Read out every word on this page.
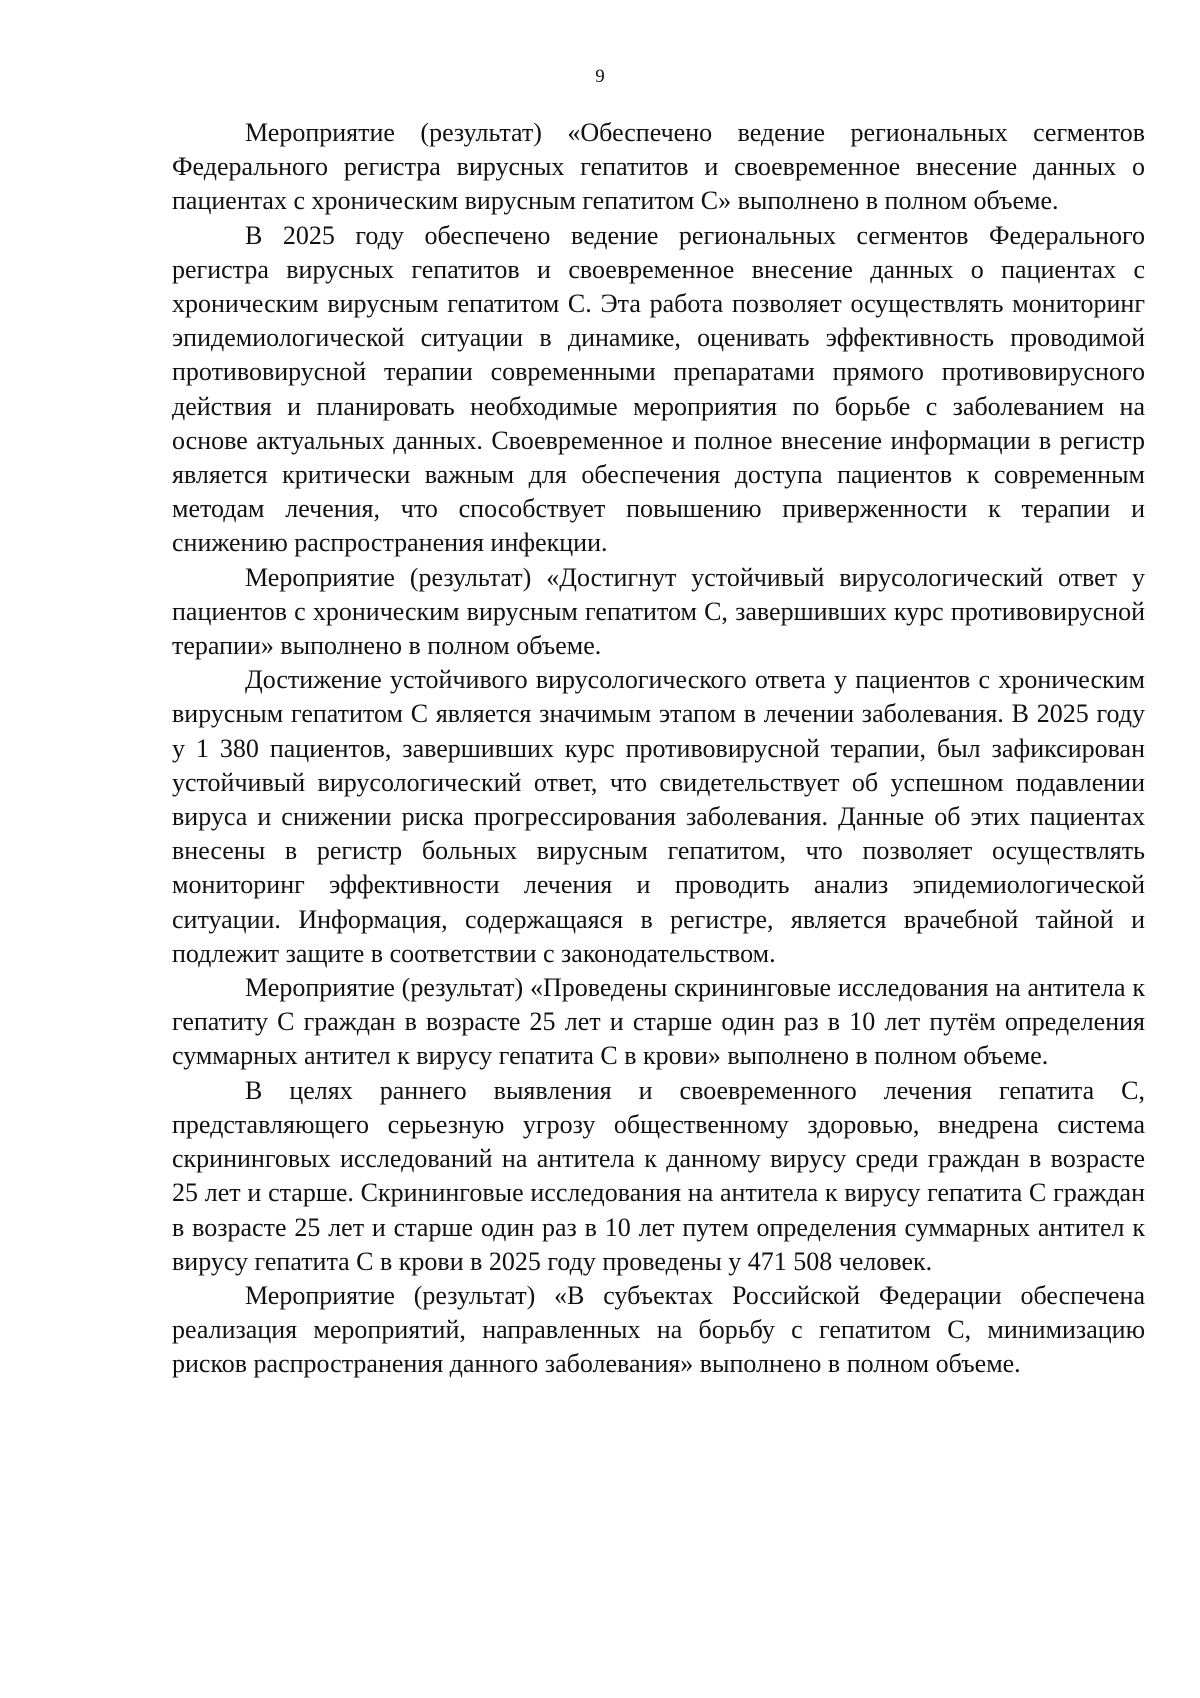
9

Мероприятие (результат) «Обеспечено ведение региональных сегментов Федерального регистра вирусных гепатитов и своевременное внесение данных о пациентах с хроническим вирусным гепатитом С» выполнено в полном объеме.

В 2025 году обеспечено ведение региональных сегментов Федерального регистра вирусных гепатитов и своевременное внесение данных о пациентах с хроническим вирусным гепатитом С. Эта работа позволяет осуществлять мониторинг эпидемиологической ситуации в динамике, оценивать эффективность проводимой противовирусной терапии современными препаратами прямого противовирусного действия и планировать необходимые мероприятия по борьбе с заболеванием на основе актуальных данных. Своевременное и полное внесение информации в регистр является критически важным для обеспечения доступа пациентов к современным методам лечения, что способствует повышению приверженности к терапии и снижению распространения инфекции.

Мероприятие (результат) «Достигнут устойчивый вирусологический ответ у пациентов с хроническим вирусным гепатитом С, завершивших курс противовирусной терапии» выполнено в полном объеме.

Достижение устойчивого вирусологического ответа у пациентов с хроническим вирусным гепатитом С является значимым этапом в лечении заболевания. В 2025 году у 1 380 пациентов, завершивших курс противовирусной терапии, был зафиксирован устойчивый вирусологический ответ, что свидетельствует об успешном подавлении вируса и снижении риска прогрессирования заболевания. Данные об этих пациентах внесены в регистр больных вирусным гепатитом, что позволяет осуществлять мониторинг эффективности лечения и проводить анализ эпидемиологической ситуации. Информация, содержащаяся в регистре, является врачебной тайной и подлежит защите в соответствии с законодательством.

Мероприятие (результат) «Проведены скрининговые исследования на антитела к гепатиту С граждан в возрасте 25 лет и старше один раз в 10 лет путём определения суммарных антител к вирусу гепатита С в крови» выполнено в полном объеме.

В целях раннего выявления и своевременного лечения гепатита С, представляющего серьезную угрозу общественному здоровью, внедрена система скрининговых исследований на антитела к данному вирусу среди граждан в возрасте 25 лет и старше. Скрининговые исследования на антитела к вирусу гепатита С граждан в возрасте 25 лет и старше один раз в 10 лет путем определения суммарных антител к вирусу гепатита С в крови в 2025 году проведены у 471 508 человек.

Мероприятие (результат) «В субъектах Российской Федерации обеспечена реализация мероприятий, направленных на борьбу с гепатитом С, минимизацию рисков распространения данного заболевания» выполнено в полном объеме.
